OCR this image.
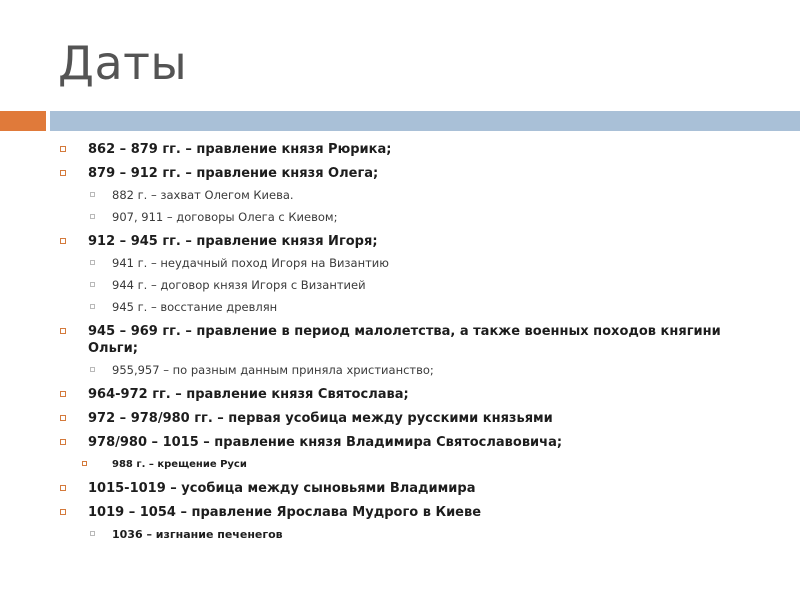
Даты
862 – 879 гг. – правление князя Рюрика;
879 – 912 гг. – правление князя Олега;
882 г. – захват Олегом Киева.
907, 911 – договоры Олега с Киевом;
912 – 945 гг. – правление князя Игоря;
941 г. – неудачный поход Игоря на Византию
944 г. – договор князя Игоря с Византией
945 г. – восстание древлян
945 – 969 гг. – правление в период малолетства, а также военных походов княгини Ольги;
955,957 – по разным данным приняла христианство;
964-972 гг. – правление князя Святослава;
972 – 978/980 гг. – первая усобица между русскими князьями
978/980 – 1015 – правление князя Владимира Святославовича;
988 г. – крещение Руси
1015-1019 – усобица между сыновьями Владимира
1019 – 1054 – правление Ярослава Мудрого в Киеве
1036 – изгнание печенегов
